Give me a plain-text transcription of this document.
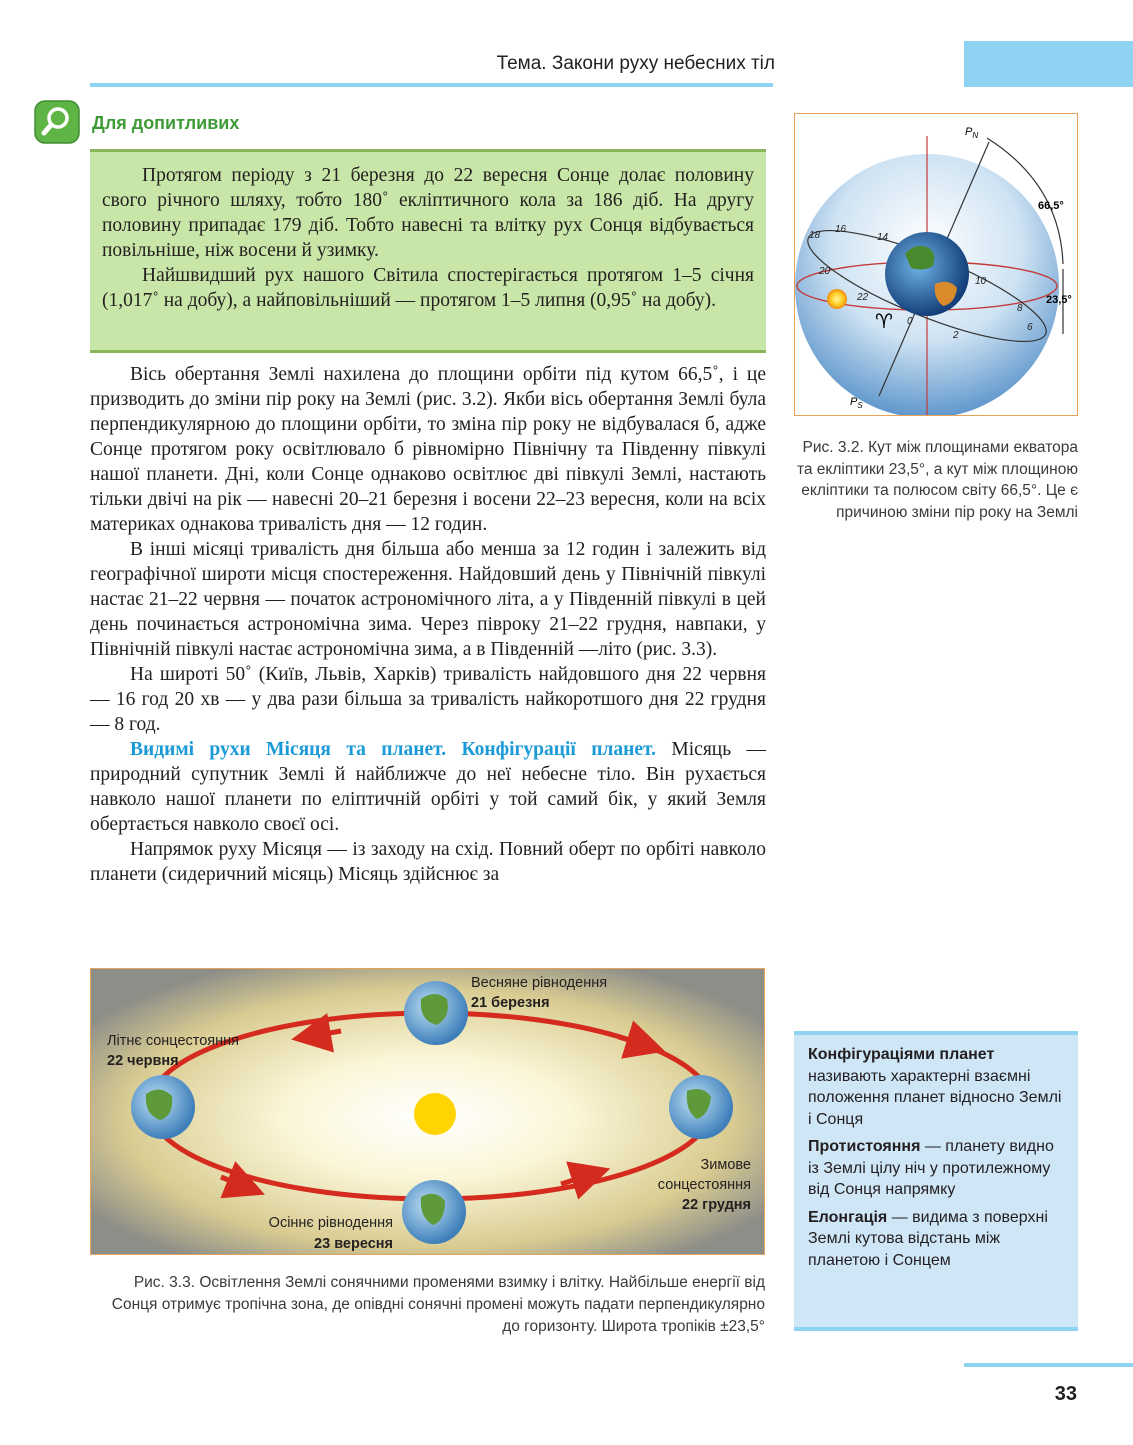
Тема. Закони руху небесних тіл
Для допитливих

Протягом періоду з 21 березня до 22 вересня Сонце долає половину свого річного шляху, тобто 180˚ екліптичного кола за 186 діб. На другу половину припадає 179 діб. Тобто навесні та влітку рух Сонця відбувається повільніше, ніж восени й узимку.

Найшвидший рух нашого Світила спостерігається протягом 1–5 січня (1,017˚ на добу), а найповільніший — протягом 1–5 липня (0,95˚ на добу).

Вісь обертання Землі нахилена до площини орбіти під кутом 66,5˚, і це призводить до зміни пір року на Землі (рис. 3.2). Якби вісь обертання Землі була перпендикулярною до площини орбіти, то зміна пір року не відбувалася б, адже Сонце протягом року освітлювало б рівномірно Північну та Південну півкулі нашої планети. Дні, коли Сонце однаково освітлює дві півкулі Землі, настають тільки двічі на рік — навесні 20–21 березня і восени 22–23 вересня, коли на всіх материках однакова тривалість дня — 12 годин.

В інші місяці тривалість дня більша або менша за 12 годин і залежить від географічної широти місця спостереження. Найдовший день у Північній півкулі настає 21–22 червня — початок астрономічного літа, а у Південній півкулі в цей день починається астрономічна зима. Через півроку 21–22 грудня, навпаки, у Північній півкулі настає астрономічна зима, а в Південній —літо (рис. 3.3).

На широті 50˚ (Київ, Львів, Харків) тривалість найдовшого дня 22 червня — 16 год 20 хв — у два рази більша за тривалість найкоротшого дня 22 грудня — 8 год.

Видимі рухи Місяця та планет. Конфігурації планет. Місяць — природний супутник Землі й найближче до неї небесне тіло. Він рухається навколо нашої планети по еліптичній орбіті у той самий бік, у який Земля обертається навколо своєї осі.

Напрямок руху Місяця — із заходу на схід. Повний оберт по орбіті навколо планети (сидеричний місяць) Місяць здійснює за

$P_N$
$P_S$
66,5°
23,5°
♈
18
16
14
20
22
0
2
10
8
6
Рис. 3.2. Кут між площинами екватора та екліптики 23,5°, а кут між площиною екліптики та полюсом світу 66,5°. Це є причиною зміни пір року на Землі
Весняне рівнодення
21 березня
Літнє сонцестояння
22 червня
Зимове
сонцестояння
22 грудня
Осіннє рівнодення
23 вересня
Рис. 3.3. Освітлення Землі сонячними променями взимку і влітку. Найбільше енергії від Сонця отримує тропічна зона, де опівдні сонячні промені можуть падати перпендикулярно до горизонту. Широта тропіків ±23,5°

Конфігураціями планет називають характерні взаємні положення планет відносно Землі і Сонця

Протистояння — планету видно із Землі цілу ніч у протилежному від Сонця напрямку

Елонгація — видима з поверхні Землі кутова відстань між планетою і Сонцем

33
